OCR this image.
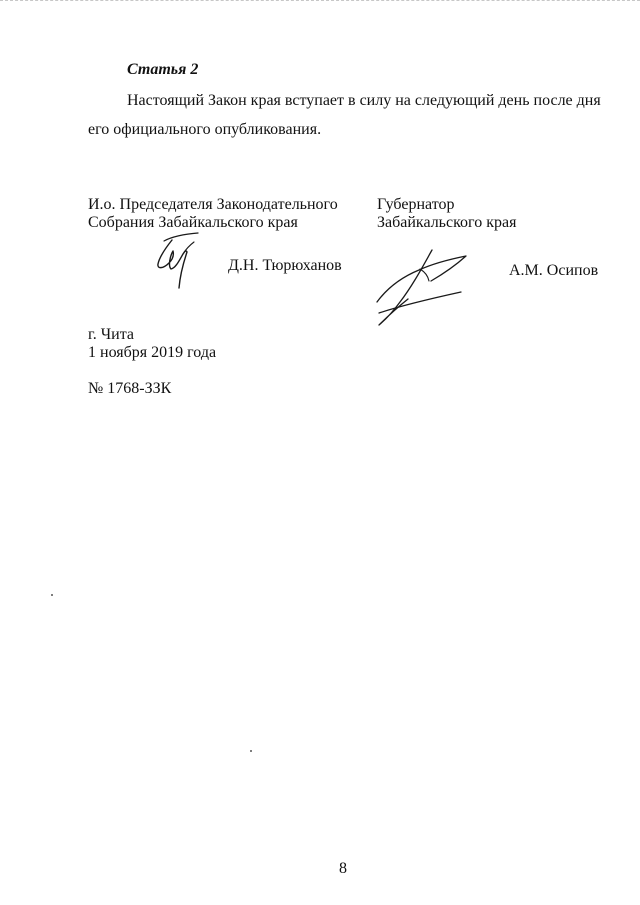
Статья 2
Настоящий Закон края вступает в силу на следующий день после дня
его официального опубликования.
И.о. Председателя Законодательного
Собрания Забайкальского края
Губернатор
Забайкальского края
Д.Н. Тюрюханов	А.М. Осипов
г. Чита
1 ноября 2019 года
№ 1768-ЗЗК
8
